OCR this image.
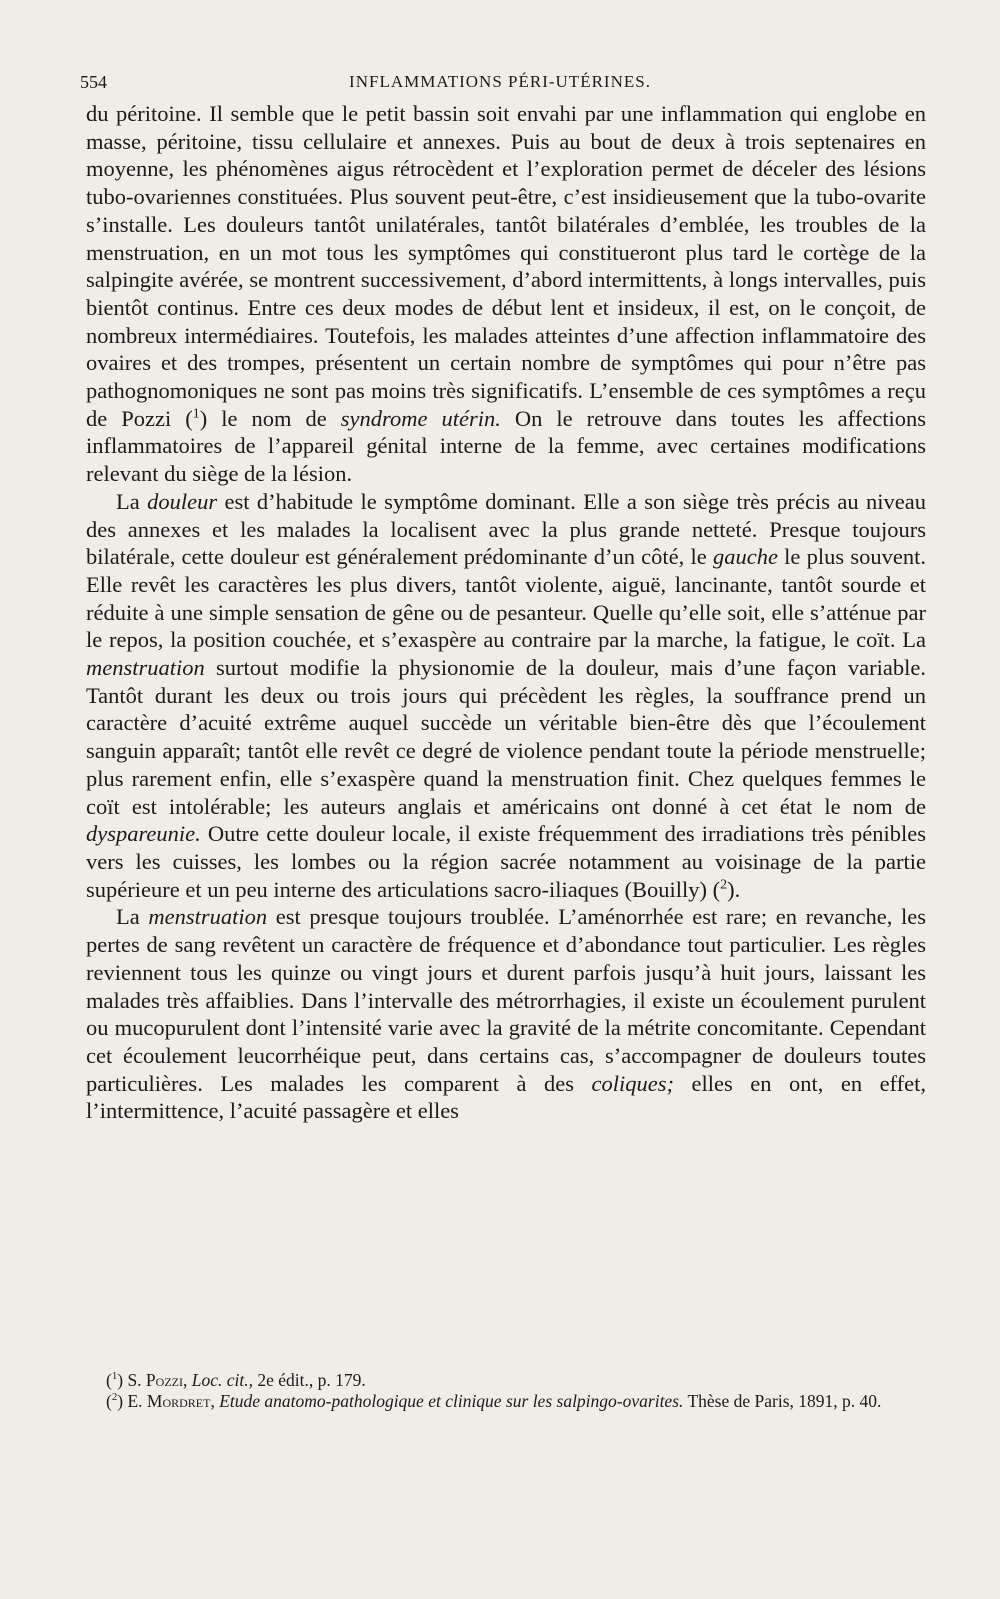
554	INFLAMMATIONS PÉRI-UTÉRINES.

du péritoine. Il semble que le petit bassin soit envahi par une inflammation qui englobe en masse, péritoine, tissu cellulaire et annexes. Puis au bout de deux à trois septenaires en moyenne, les phénomènes aigus rétrocèdent et l’exploration permet de déceler des lésions tubo-ovariennes constituées. Plus souvent peut-être, c’est insidieusement que la tubo-ovarite s’installe. Les douleurs tantôt unilatérales, tantôt bilatérales d’emblée, les troubles de la menstruation, en un mot tous les symptômes qui constitueront plus tard le cortège de la salpingite avérée, se montrent successivement, d’abord intermittents, à longs intervalles, puis bientôt continus. Entre ces deux modes de début lent et insideux, il est, on le conçoit, de nombreux intermédiaires. Toutefois, les malades atteintes d’une affection inflammatoire des ovaires et des trompes, présentent un certain nombre de symptômes qui pour n’être pas pathognomoniques ne sont pas moins très significatifs. L’ensemble de ces symptômes a reçu de Pozzi ($^1$) le nom de syndrome utérin. On le retrouve dans toutes les affections inflammatoires de l’appareil génital interne de la femme, avec certaines modifications relevant du siège de la lésion.

La douleur est d’habitude le symptôme dominant. Elle a son siège très précis au niveau des annexes et les malades la localisent avec la plus grande netteté. Presque toujours bilatérale, cette douleur est généralement prédominante d’un côté, le gauche le plus souvent. Elle revêt les caractères les plus divers, tantôt violente, aiguë, lancinante, tantôt sourde et réduite à une simple sensation de gêne ou de pesanteur. Quelle qu’elle soit, elle s’atténue par le repos, la position couchée, et s’exaspère au contraire par la marche, la fatigue, le coït. La menstruation surtout modifie la physionomie de la douleur, mais d’une façon variable. Tantôt durant les deux ou trois jours qui précèdent les règles, la souffrance prend un caractère d’acuité extrême auquel succède un véritable bien-être dès que l’écoulement sanguin apparaît; tantôt elle revêt ce degré de violence pendant toute la période menstruelle; plus rarement enfin, elle s’exaspère quand la menstruation finit. Chez quelques femmes le coït est intolérable; les auteurs anglais et américains ont donné à cet état le nom de dyspareunie. Outre cette douleur locale, il existe fréquemment des irradiations très pénibles vers les cuisses, les lombes ou la région sacrée notamment au voisinage de la partie supérieure et un peu interne des articulations sacro-iliaques (Bouilly) ($^2$).

La menstruation est presque toujours troublée. L’aménorrhée est rare; en revanche, les pertes de sang revêtent un caractère de fréquence et d’abondance tout particulier. Les règles reviennent tous les quinze ou vingt jours et durent parfois jusqu’à huit jours, laissant les malades très affaiblies. Dans l’intervalle des métrorrhagies, il existe un écoulement purulent ou mucopurulent dont l’intensité varie avec la gravité de la métrite concomitante. Cependant cet écoulement leucorrhéique peut, dans certains cas, s’accompagner de douleurs toutes particulières. Les malades les comparent à des coliques; elles en ont, en effet, l’intermittence, l’acuité passagère et elles

($^1$) S. Pozzi, Loc. cit., 2e édit., p. 179.

($^2$) E. Mordret, Etude anatomo-pathologique et clinique sur les salpingo-ovarites. Thèse de Paris, 1891, p. 40.
